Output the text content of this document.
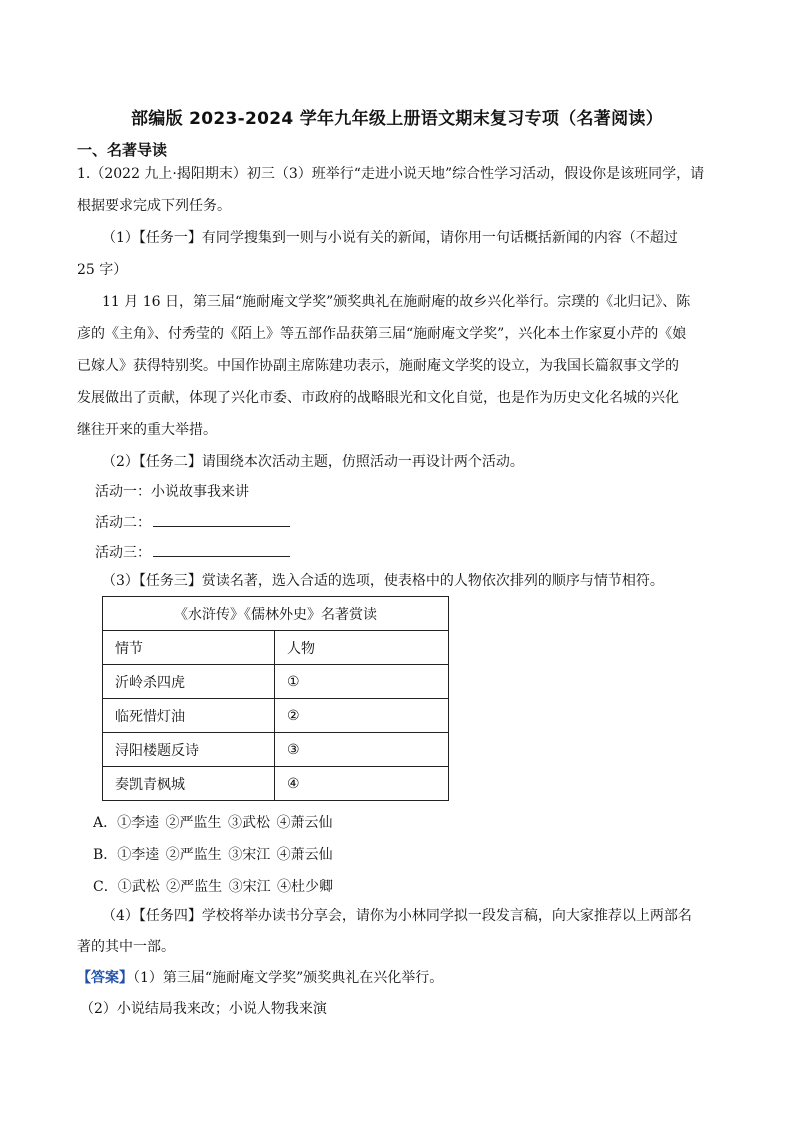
部编版 2023-2024 学年九年级上册语文期末复习专项（名著阅读）
一、名著导读
1.（2022 九上·揭阳期末）初三（3）班举行“走进小说天地”综合性学习活动，假设你是该班同学，请
根据要求完成下列任务。
（1）【任务一】有同学搜集到一则与小说有关的新闻，请你用一句话概括新闻的内容（不超过
25 字）
11 月 16 日，第三届“施耐庵文学奖”颁奖典礼在施耐庵的故乡兴化举行。宗璞的《北归记》、陈
彦的《主角》、付秀莹的《陌上》等五部作品获第三届“施耐庵文学奖”，兴化本土作家夏小芹的《娘
已嫁人》获得特别奖。中国作协副主席陈建功表示，施耐庵文学奖的设立，为我国长篇叙事文学的
发展做出了贡献，体现了兴化市委、市政府的战略眼光和文化自觉，也是作为历史文化名城的兴化
继往开来的重大举措。
（2）【任务二】请围绕本次活动主题，仿照活动一再设计两个活动。
活动一：小说故事我来讲
活动二：
活动三：
（3）【任务三】赏读名著，选入合适的选项，使表格中的人物依次排列的顺序与情节相符。
《水浒传》《儒林外史》名著赏读	
情节	人物
沂岭杀四虎	①
临死惜灯油	②
浔阳楼题反诗	③
奏凯青枫城	④
A．①李逵 ②严监生 ③武松 ④萧云仙
B．①李逵 ②严监生 ③宋江 ④萧云仙
C．①武松 ②严监生 ③宋江 ④杜少卿
（4）【任务四】学校将举办读书分享会，请你为小林同学拟一段发言稿，向大家推荐以上两部名
著的其中一部。
【答案】（1）第三届“施耐庵文学奖”颁奖典礼在兴化举行。
（2）小说结局我来改；小说人物我来演
